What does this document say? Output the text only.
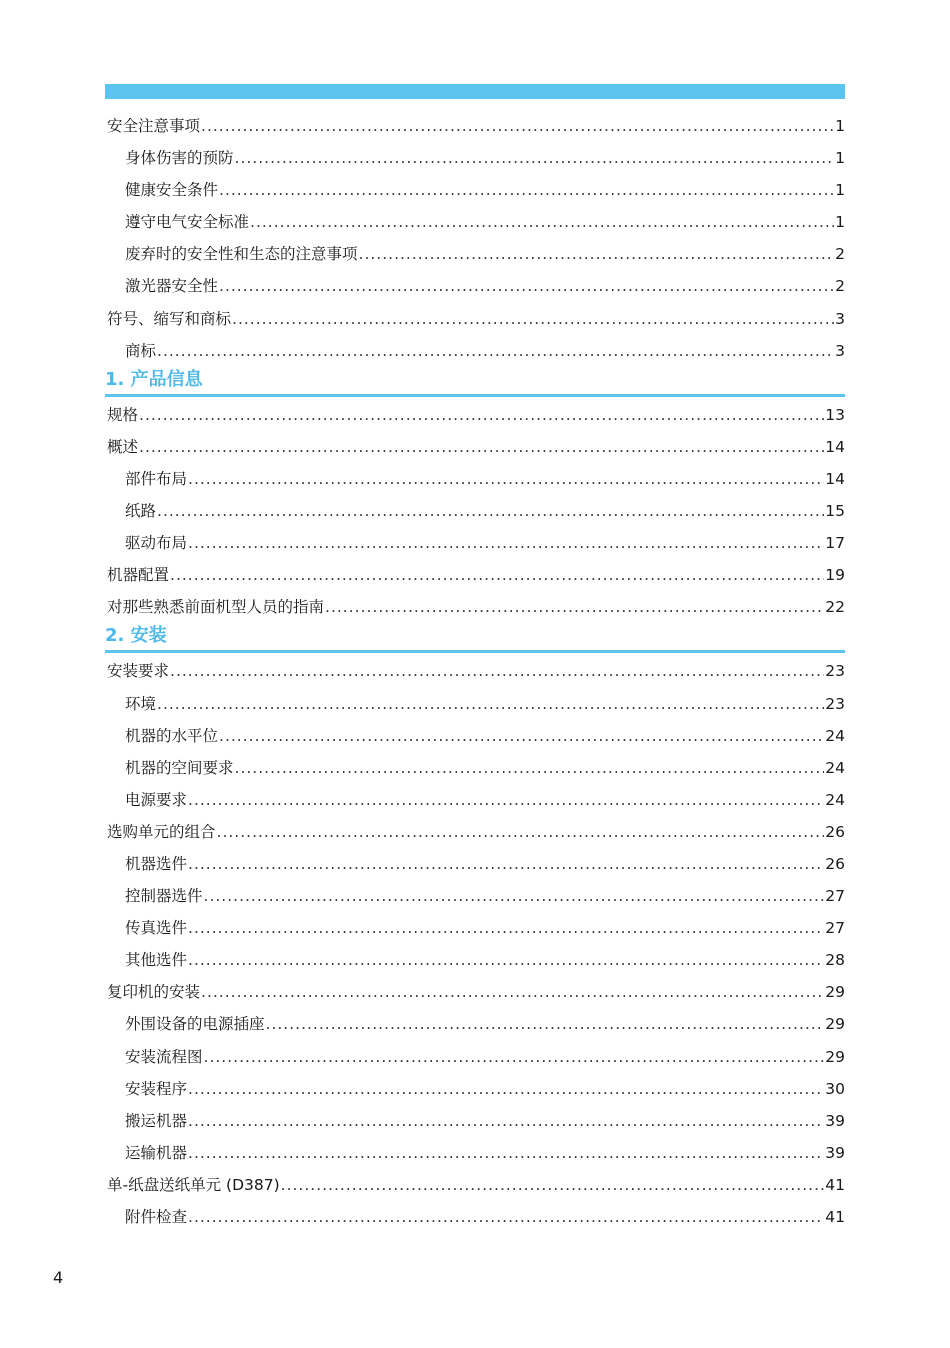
安全注意事项 .....	1
身体伤害的预防 .....	1
健康安全条件 .....	1
遵守电气安全标准 .....	1
废弃时的安全性和生态的注意事项 .....	2
激光器安全性 .....	2
符号、缩写和商标 .....	3
商标 .....	3
1. 产品信息
规格 .....	13
概述 .....	14
部件布局 .....	14
纸路 .....	15
驱动布局 .....	17
机器配置 .....	19
对那些熟悉前面机型人员的指南 .....	22
2. 安装
安装要求 .....	23
环境 .....	23
机器的水平位 .....	24
机器的空间要求 .....	24
电源要求 .....	24
选购单元的组合 .....	26
机器选件 .....	26
控制器选件 .....	27
传真选件 .....	27
其他选件 .....	28
复印机的安装 .....	29
外围设备的电源插座 .....	29
安装流程图 .....	29
安装程序 .....	30
搬运机器 .....	39
运输机器 .....	39
单-纸盘送纸单元 (D387) .....	41
附件检查 .....	41
4
